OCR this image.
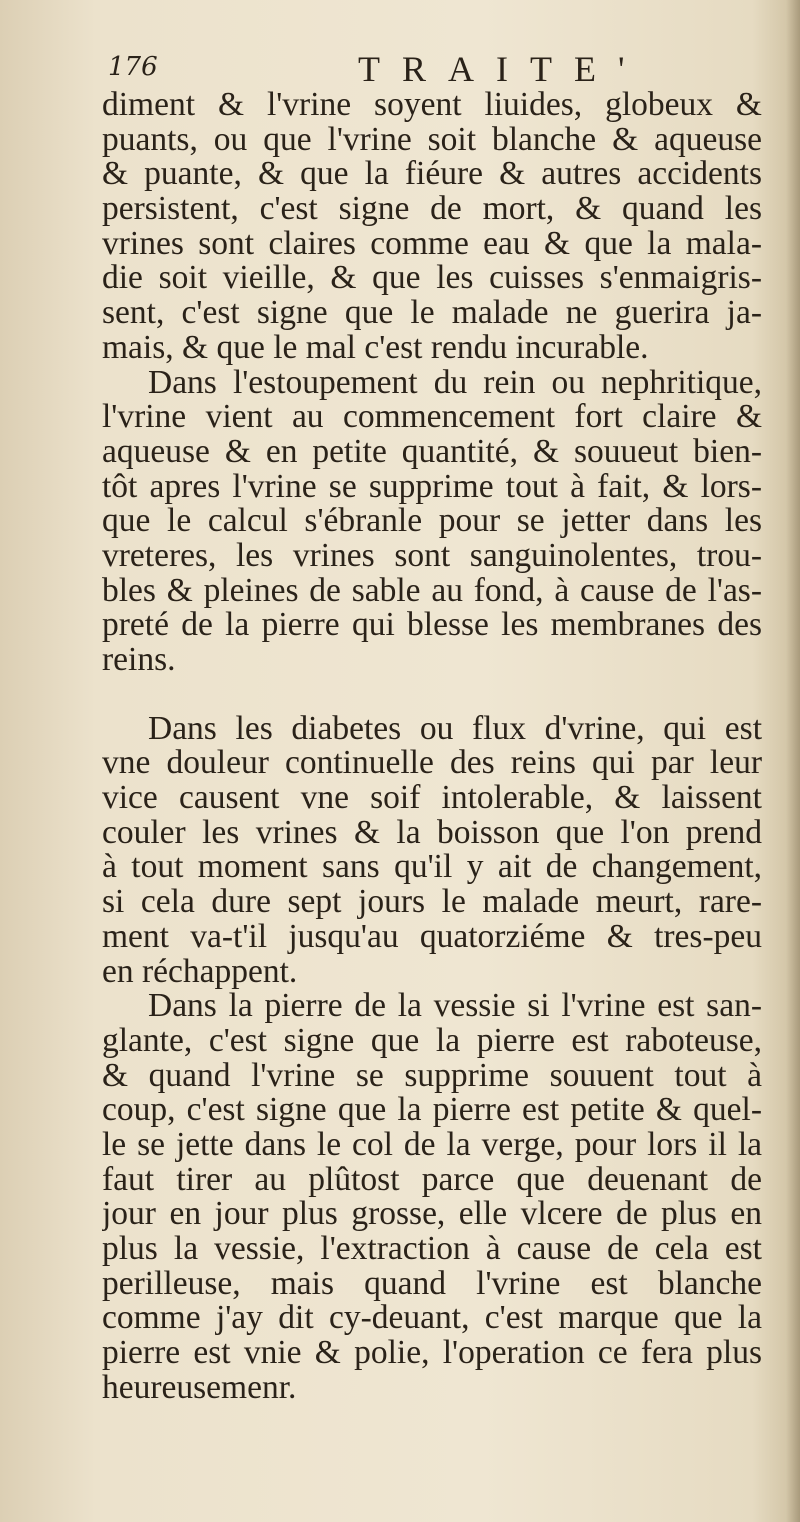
176	TRAITE'
diment & l'vrine soyent liuides, globeux &
puants, ou que l'vrine soit blanche & aqueuse
& puante, & que la fiéure & autres accidents
persistent, c'est signe de mort, & quand les
vrines sont claires comme eau & que la mala-
die soit vieille, & que les cuisses s'enmaigris-
sent, c'est signe que le malade ne guerira ja-
mais, & que le mal c'est rendu incurable.
Dans l'estoupement du rein ou nephritique,
l'vrine vient au commencement fort claire &
aqueuse & en petite quantité, & souueut bien-
tôt apres l'vrine se supprime tout à fait, & lors-
que le calcul s'ébranle pour se jetter dans les
vreteres, les vrines sont sanguinolentes, trou-
bles & pleines de sable au fond, à cause de l'as-
preté de la pierre qui blesse les membranes des
reins.
Dans les diabetes ou flux d'vrine, qui est
vne douleur continuelle des reins qui par leur
vice causent vne soif intolerable, & laissent
couler les vrines & la boisson que l'on prend
à tout moment sans qu'il y ait de changement,
si cela dure sept jours le malade meurt, rare-
ment va-t'il jusqu'au quatorziéme & tres-peu
en réchappent.
Dans la pierre de la vessie si l'vrine est san-
glante, c'est signe que la pierre est raboteuse,
& quand l'vrine se supprime souuent tout à
coup, c'est signe que la pierre est petite & quel-
le se jette dans le col de la verge, pour lors il la
faut tirer au plûtost parce que deuenant de
jour en jour plus grosse, elle vlcere de plus en
plus la vessie, l'extraction à cause de cela est
perilleuse, mais quand l'vrine est blanche
comme j'ay dit cy-deuant, c'est marque que la
pierre est vnie & polie, l'operation ce fera plus
heureusemenr.
